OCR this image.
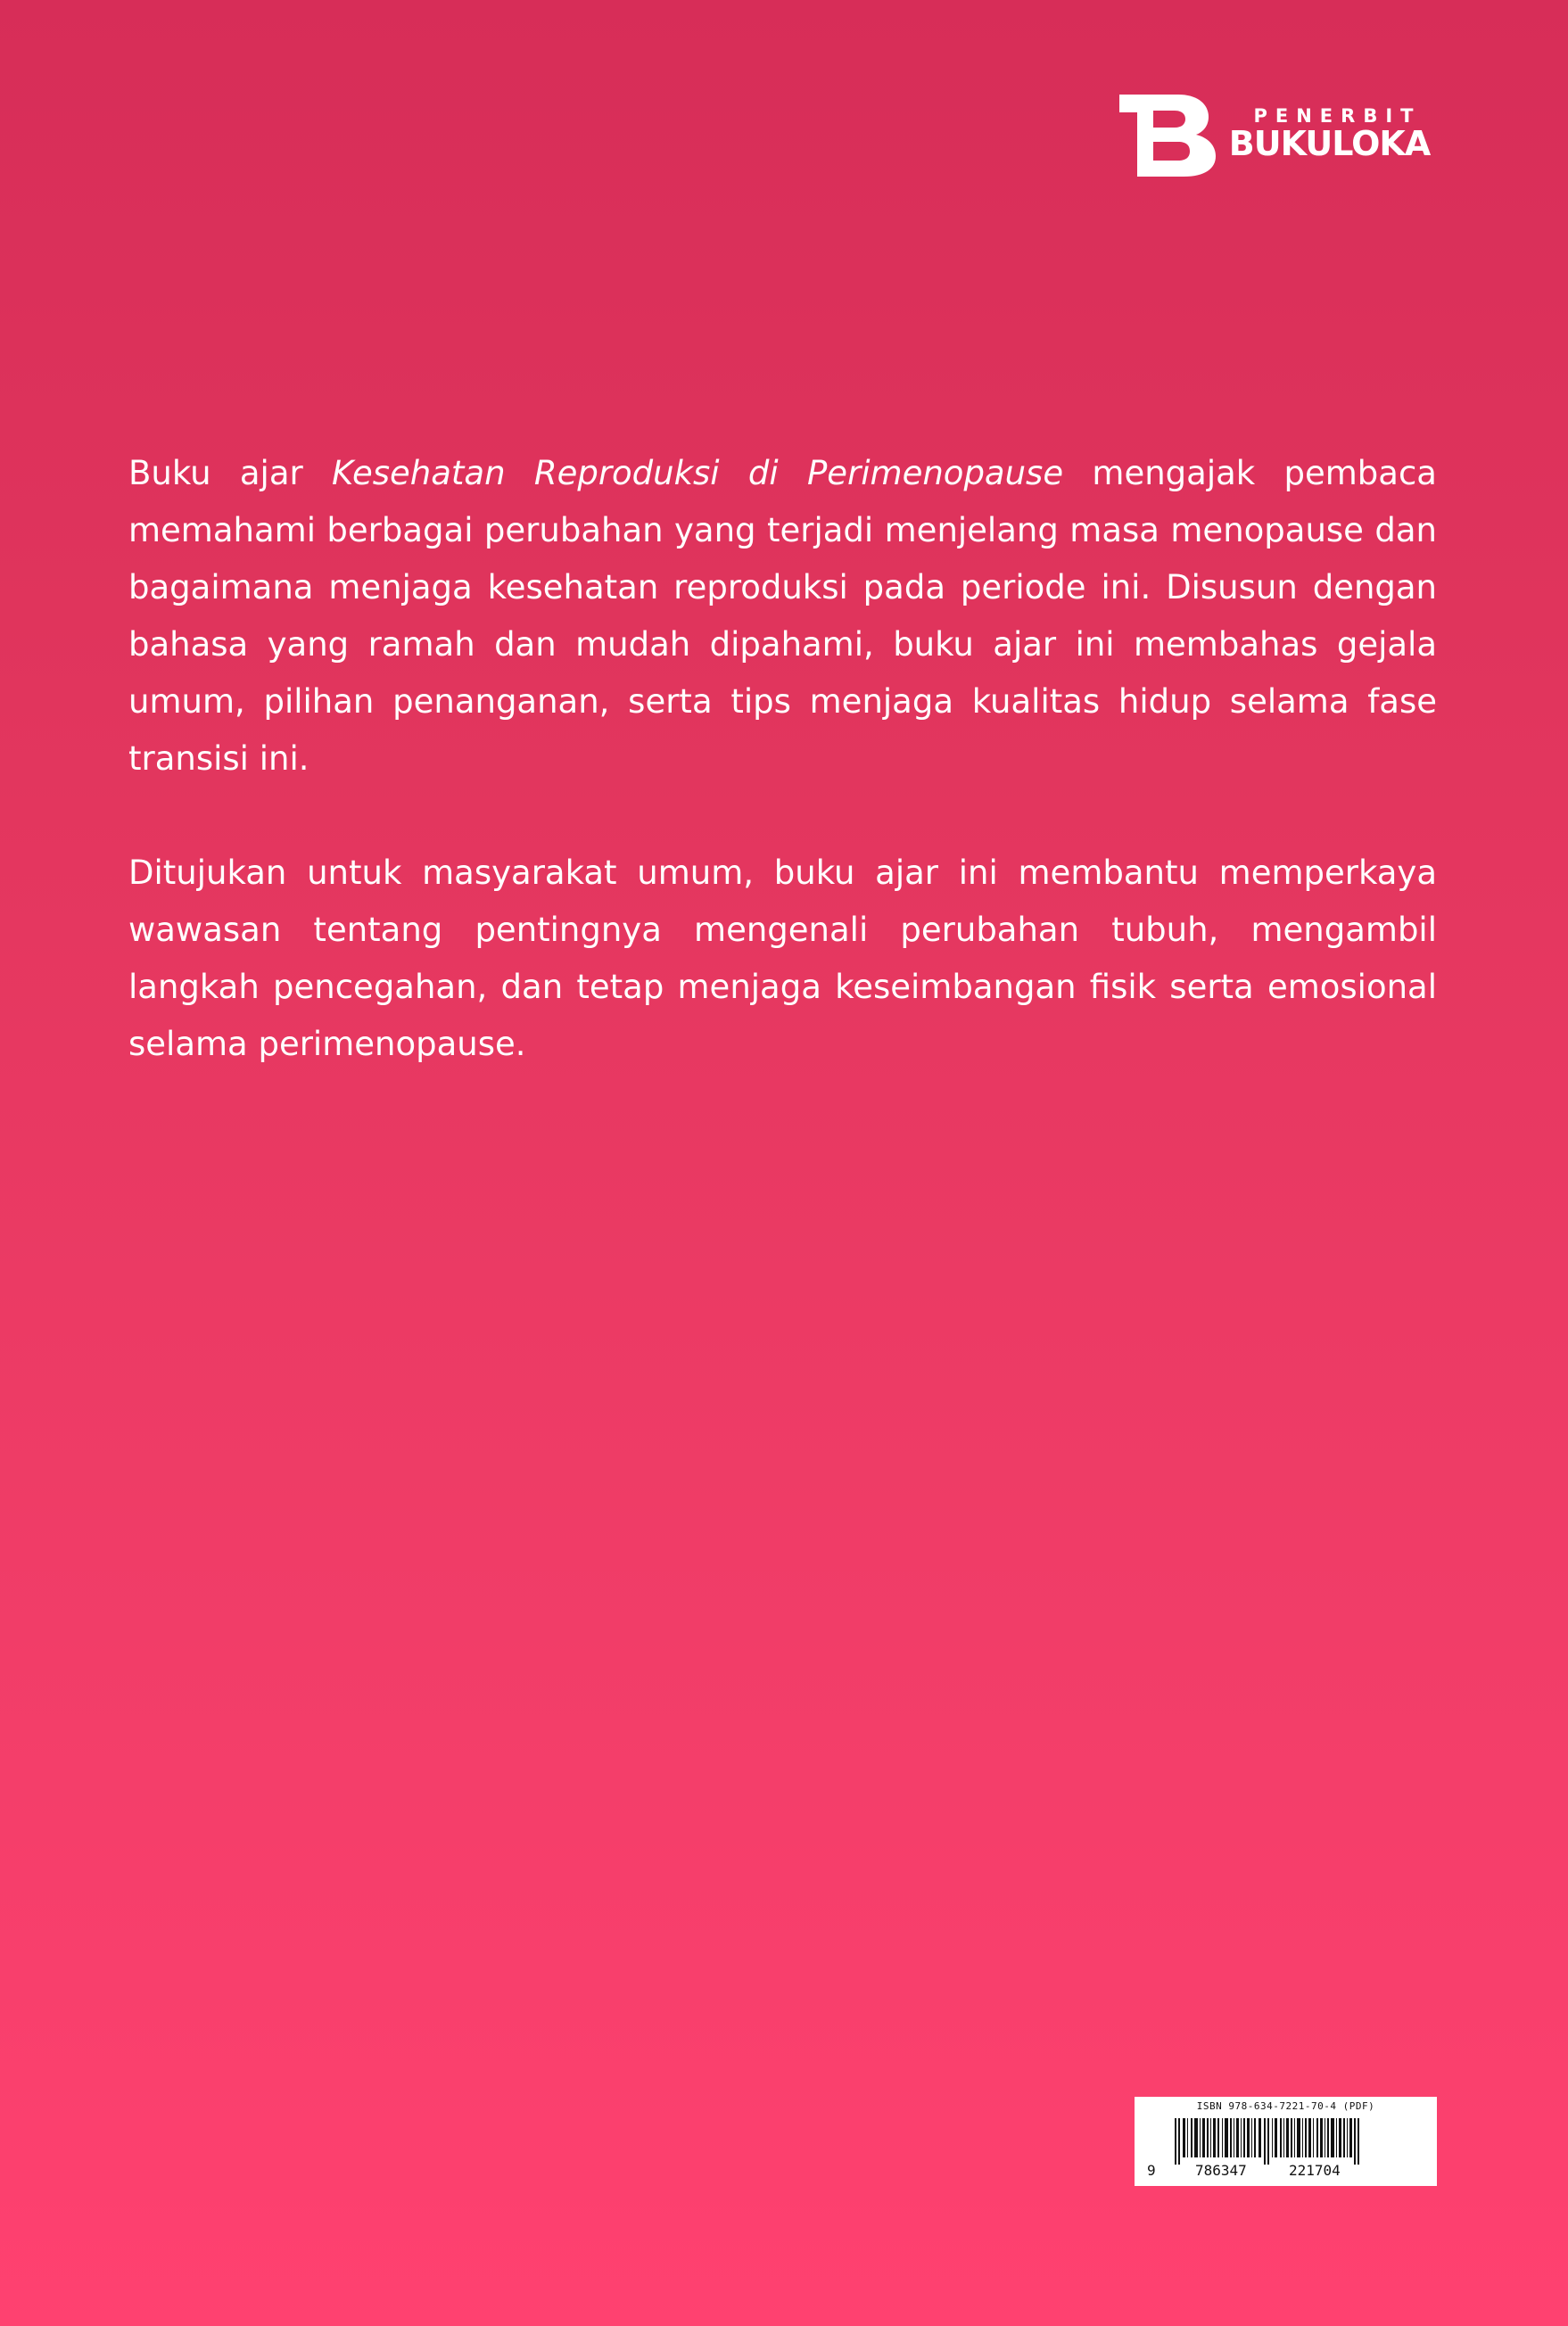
PENERBIT
BUKULOKA

Buku ajar Kesehatan Reproduksi di Perimenopause mengajak pembaca memahami berbagai perubahan yang terjadi menjelang masa menopause dan bagaimana menjaga kesehatan reproduksi pada periode ini. Disusun dengan bahasa yang ramah dan mudah dipahami, buku ajar ini membahas gejala umum, pilihan penanganan, serta tips menjaga kualitas hidup selama fase transisi ini.

Ditujukan untuk masyarakat umum, buku ajar ini membantu memperkaya wawasan tentang pentingnya mengenali perubahan tubuh, mengambil langkah pencegahan, dan tetap menjaga keseimbangan fisik serta emosional selama perimenopause.

ISBN 978-634-7221-70-4 (PDF)
9	786347	221704
